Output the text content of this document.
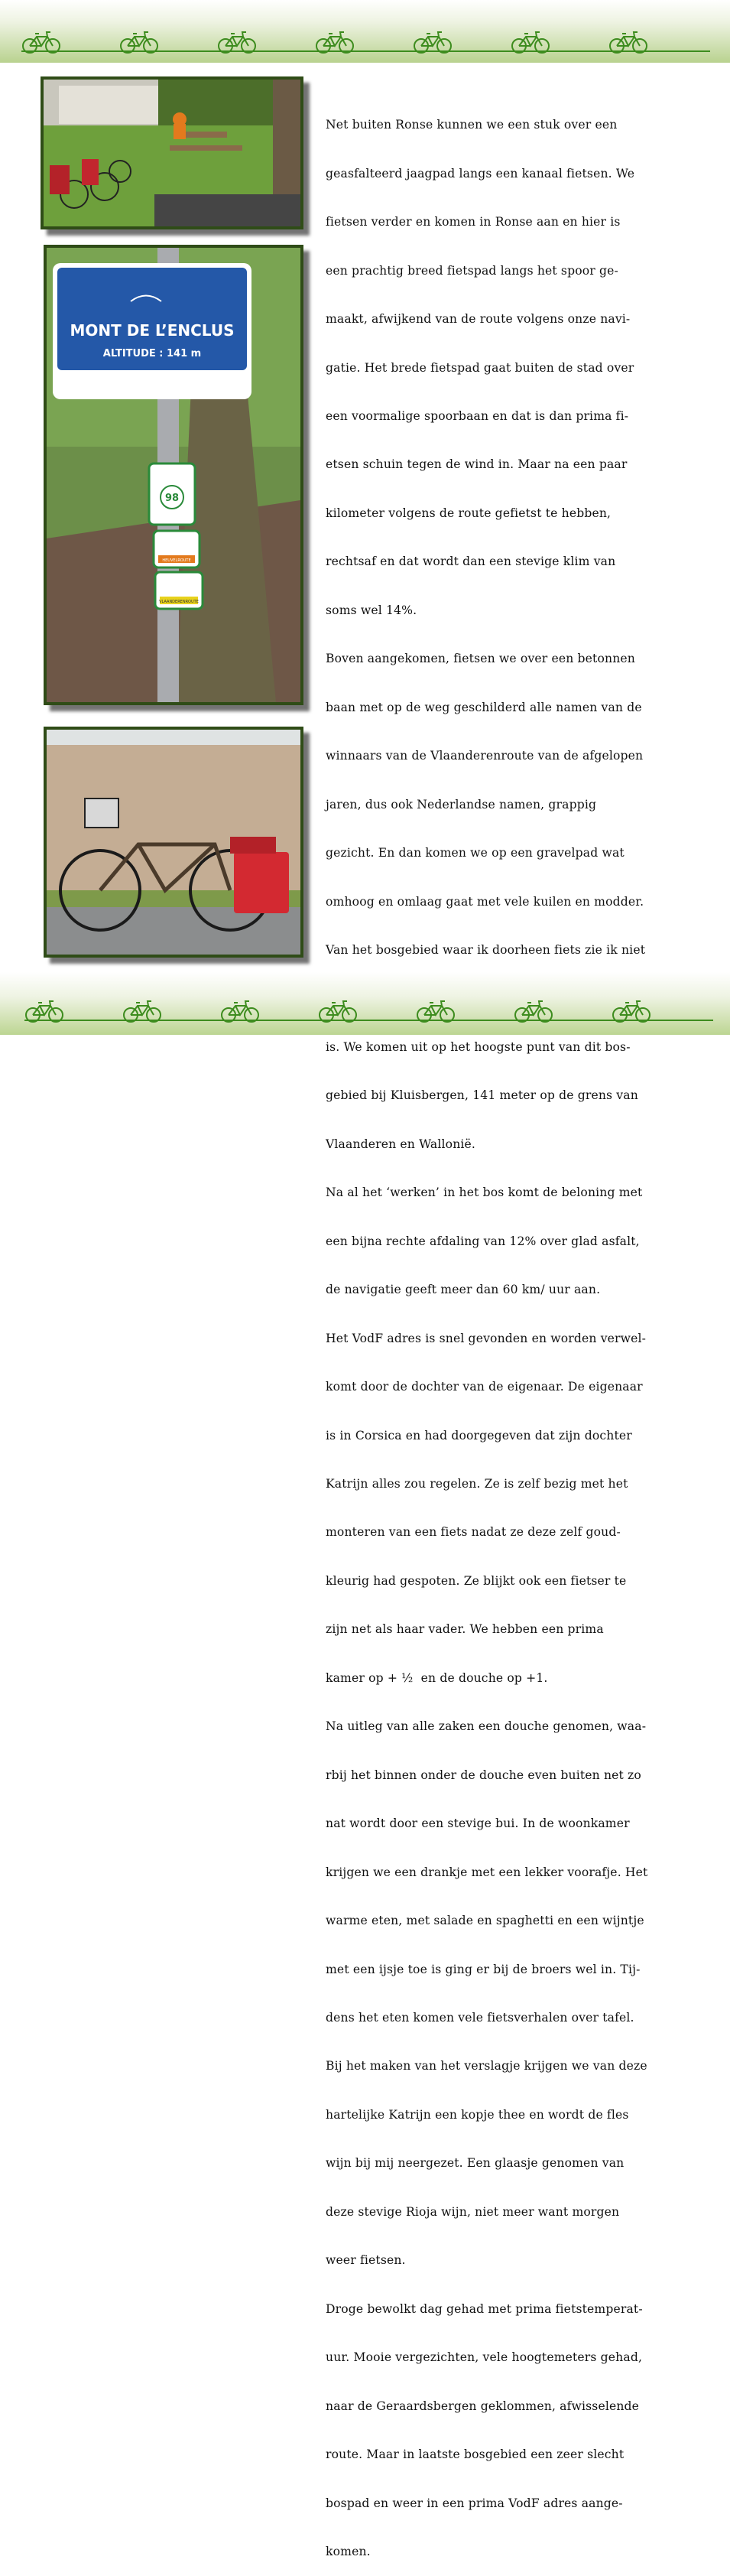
MONT DE L’ENCLUS
ALTITUDE : 141 m
98
HEUVELROUTE
VLAANDERENROUTE

Net buiten Ronse kunnen we een stuk over een

geasfalteerd jaagpad langs een kanaal fietsen. We

fietsen verder en komen in Ronse aan en hier is

een prachtig breed fietspad langs het spoor ge-

maakt, afwijkend van de route volgens onze navi-

gatie. Het brede fietspad gaat buiten de stad over

een voormalige spoorbaan en dat is dan prima fi-

etsen schuin tegen de wind in. Maar na een paar

kilometer volgens de route gefietst te hebben,

rechtsaf en dat wordt dan een stevige klim van

soms wel 14%.

Boven aangekomen, fietsen we over een betonnen

baan met op de weg geschilderd alle namen van de

winnaars van de Vlaanderenroute van de afgelopen

jaren, dus ook Nederlandse namen, grappig

gezicht. En dan komen we op een gravelpad wat

omhoog en omlaag gaat met vele kuilen en modder.

Van het bosgebied waar ik doorheen fiets zie ik niet

is. We komen uit op het hoogste punt van dit bos-

gebied bij Kluisbergen, 141 meter op de grens van

Vlaanderen en Wallonië.

Na al het ‘werken’ in het bos komt de beloning met

een bijna rechte afdaling van 12% over glad asfalt,

de navigatie geeft meer dan 60 km/ uur aan.

Het VodF adres is snel gevonden en worden verwel-

komt door de dochter van de eigenaar. De eigenaar

is in Corsica en had doorgegeven dat zijn dochter

Katrijn alles zou regelen. Ze is zelf bezig met het

monteren van een fiets nadat ze deze zelf goud-

kleurig had gespoten. Ze blijkt ook een fietser te

zijn net als haar vader. We hebben een prima

kamer op + ½  en de douche op +1.

Na uitleg van alle zaken een douche genomen, waa-

rbij het binnen onder de douche even buiten net zo

nat wordt door een stevige bui. In de woonkamer

krijgen we een drankje met een lekker voorafje. Het

warme eten, met salade en spaghetti en een wijntje

met een ijsje toe is ging er bij de broers wel in. Tij-

dens het eten komen vele fietsverhalen over tafel.

Bij het maken van het verslagje krijgen we van deze

hartelijke Katrijn een kopje thee en wordt de fles

wijn bij mij neergezet. Een glaasje genomen van

deze stevige Rioja wijn, niet meer want morgen

weer fietsen.

Droge bewolkt dag gehad met prima fietstemperat-

uur. Mooie vergezichten, vele hoogtemeters gehad,

naar de Geraardsbergen geklommen, afwisselende

route. Maar in laatste bosgebied een zeer slecht

bospad en weer in een prima VodF adres aange-

komen.
